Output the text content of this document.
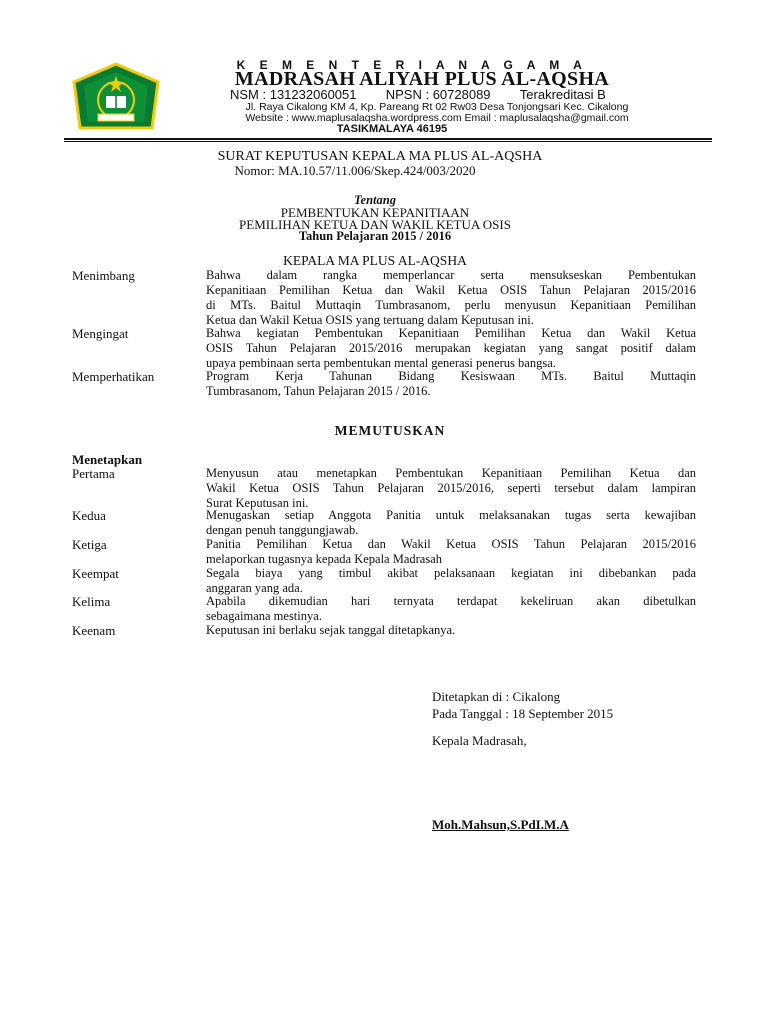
K E M E N T E R I A N A G A M A
MADRASAH ALIYAH PLUS AL-AQSHA
NSM : 131232060051 NPSN : 60728089 Terakreditasi B
Jl. Raya Cikalong KM 4, Kp. Pareang Rt 02 Rw03 Desa Tonjongsari Kec. Cikalong
Website : www.maplusalaqsha.wordpress.com Email : maplusalaqsha@gmail.com
TASIKMALAYA 46195
SURAT KEPUTUSAN KEPALA MA PLUS AL-AQSHA
Nomor: MA.10.57/11.006/Skep.424/003/2020
Tentang
PEMBENTUKAN KEPANITIAAN
PEMILIHAN KETUA DAN WAKIL KETUA OSIS
Tahun Pelajaran 2015 / 2016
KEPALA MA PLUS AL-AQSHA
Menimbang	Bahwa dalam rangka memperlancar serta mensukseskan Pembentukan
Kepanitiaan Pemilihan Ketua dan Wakil Ketua OSIS Tahun Pelajaran 2015/2016
di MTs. Baitul Muttaqin Tumbrasanom, perlu menyusun Kepanitiaan Pemilihan
Ketua dan Wakil Ketua OSIS yang tertuang dalam Keputusan ini.
Mengingat	Bahwa kegiatan Pembentukan Kepanitiaan Pemilihan Ketua dan Wakil Ketua
OSIS Tahun Pelajaran 2015/2016 merupakan kegiatan yang sangat positif dalam
upaya pembinaan serta pembentukan mental generasi penerus bangsa.
Memperhatikan	Program Kerja Tahunan Bidang Kesiswaan MTs. Baitul Muttaqin
Tumbrasanom, Tahun Pelajaran 2015 / 2016.
MEMUTUSKAN
Menetapkan
Pertama	Menyusun atau menetapkan Pembentukan Kepanitiaan Pemilihan Ketua dan
Wakil Ketua OSIS Tahun Pelajaran 2015/2016, seperti tersebut dalam lampiran
Surat Keputusan ini.
Kedua	Menugaskan setiap Anggota Panitia untuk melaksanakan tugas serta kewajiban
dengan penuh tanggungjawab.
Ketiga	Panitia Pemilihan Ketua dan Wakil Ketua OSIS Tahun Pelajaran 2015/2016
melaporkan tugasnya kepada Kepala Madrasah
Keempat	Segala biaya yang timbul akibat pelaksanaan kegiatan ini dibebankan pada
anggaran yang ada.
Kelima	Apabila dikemudian hari ternyata terdapat kekeliruan akan dibetulkan
sebagaimana mestinya.
Keenam	Keputusan ini berlaku sejak tanggal ditetapkanya.
Ditetapkan di : Cikalong
Pada Tanggal : 18 September 2015
Kepala Madrasah,
Moh.Mahsun,S.PdI.M.A
